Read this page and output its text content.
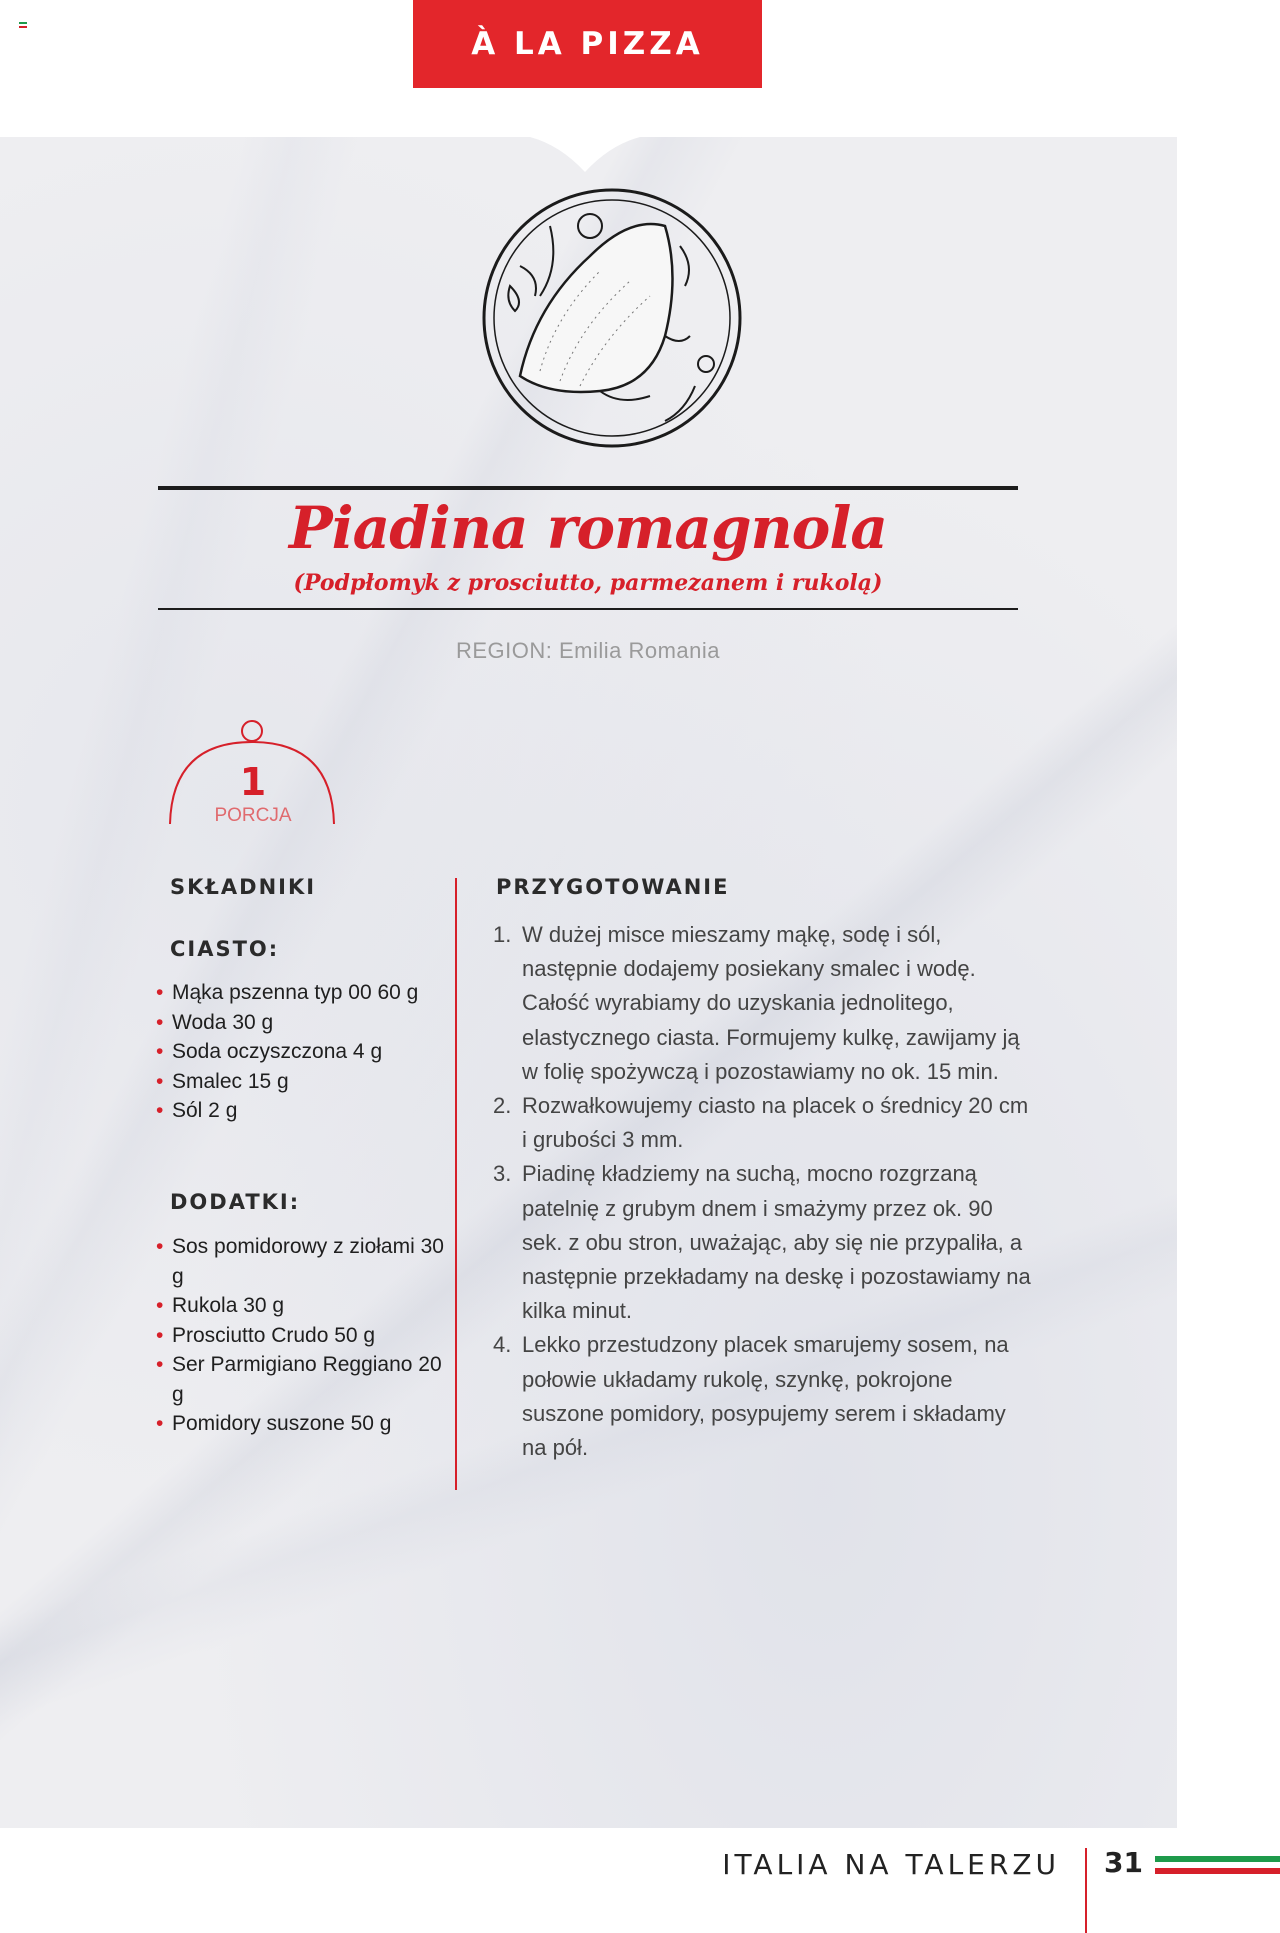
À LA PIZZA
Piadina romagnola
(Podpłomyk z prosciutto, parmezanem i rukolą)
REGION: Emilia Romania
1
PORCJA
SKŁADNIKI
CIASTO:
• Mąka pszenna typ 00 60 g
• Woda 30 g
• Soda oczyszczona 4 g
• Smalec 15 g
• Sól 2 g
DODATKI:
• Sos pomidorowy z ziołami 30 g
• Rukola 30 g
• Prosciutto Crudo 50 g
• Ser Parmigiano Reggiano 20 g
• Pomidory suszone 50 g
PRZYGOTOWANIE
1. W dużej misce mieszamy mąkę, sodę i sól, następnie dodajemy posiekany smalec i wodę. Całość wyrabiamy do uzyskania jednolitego, elastycznego ciasta. Formujemy kulkę, zawijamy ją w folię spożywczą i pozostawiamy no ok. 15 min.
2. Rozwałkowujemy ciasto na placek o średnicy 20 cm i grubości 3 mm.
3. Piadinę kładziemy na suchą, mocno rozgrzaną patelnię z grubym dnem i smażymy przez ok. 90 sek. z obu stron, uważając, aby się nie przypaliła, a następnie przekładamy na deskę i pozostawiamy na kilka minut.
4. Lekko przestudzony placek smarujemy sosem, na połowie układamy rukolę, szynkę, pokrojone suszone pomidory, posypujemy serem i składamy na pół.
ITALIA NA TALERZU 31
